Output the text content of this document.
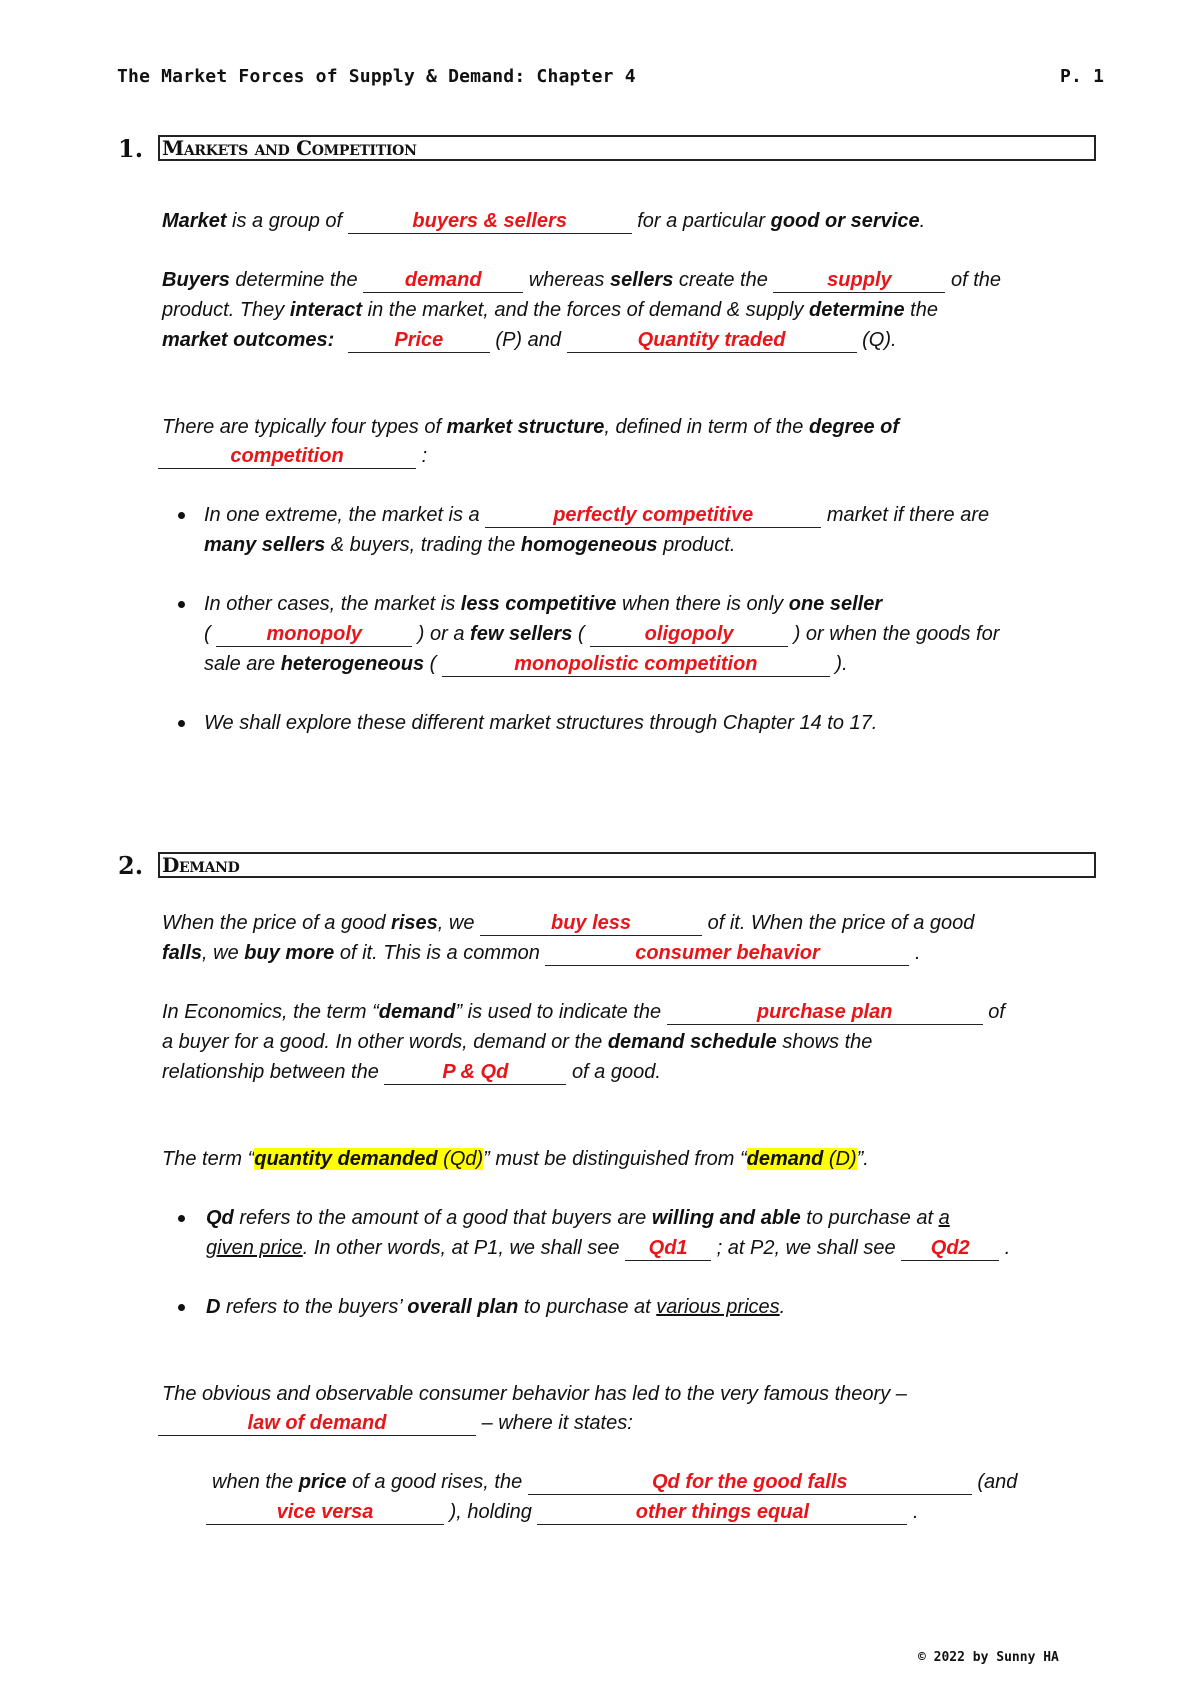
The Market Forces of Supply & Demand: Chapter 4	P. 1
1. Markets and Competition
Market is a group of	buyers & sellers	for a particular good or service.
Buyers determine the demand whereas sellers create the	supply	of the
product. They interact in the market, and the forces of demand & supply determine the
market outcomes:	Price	(P) and	Quantity traded	(Q).
There are typically four types of market structure, defined in term of the degree of
competition	:
In one extreme, the market is a	perfectly competitive	market if there are
many sellers & buyers, trading the homogeneous product.
In other cases, the market is less competitive when there is only one seller
(	monopoly	) or a few sellers (	oligopoly	) or when the goods for
sale are heterogeneous (	monopolistic competition	).
We shall explore these different market structures through Chapter 14 to 17.
2. Demand
When the price of a good rises, we	buy less	of it. When the price of a good
falls, we buy more of it. This is a common	consumer behavior	.
In Economics, the term “demand” is used to indicate the	purchase plan	of
a buyer for a good. In other words, demand or the demand schedule shows the
relationship between the	P & Qd	of a good.
The term “quantity demanded (Qd)” must be distinguished from “demand (D)”.
Qd refers to the amount of a good that buyers are willing and able to purchase at a
given price. In other words, at P1, we shall see Qd1 ; at P2, we shall see Qd2 .
D refers to the buyers’ overall plan to purchase at various prices.
The obvious and observable consumer behavior has led to the very famous theory –
law of demand	– where it states:
when the price of a good rises, the	Qd for the good falls	(and
vice versa	), holding	other things equal	.
© 2022 by Sunny HA
